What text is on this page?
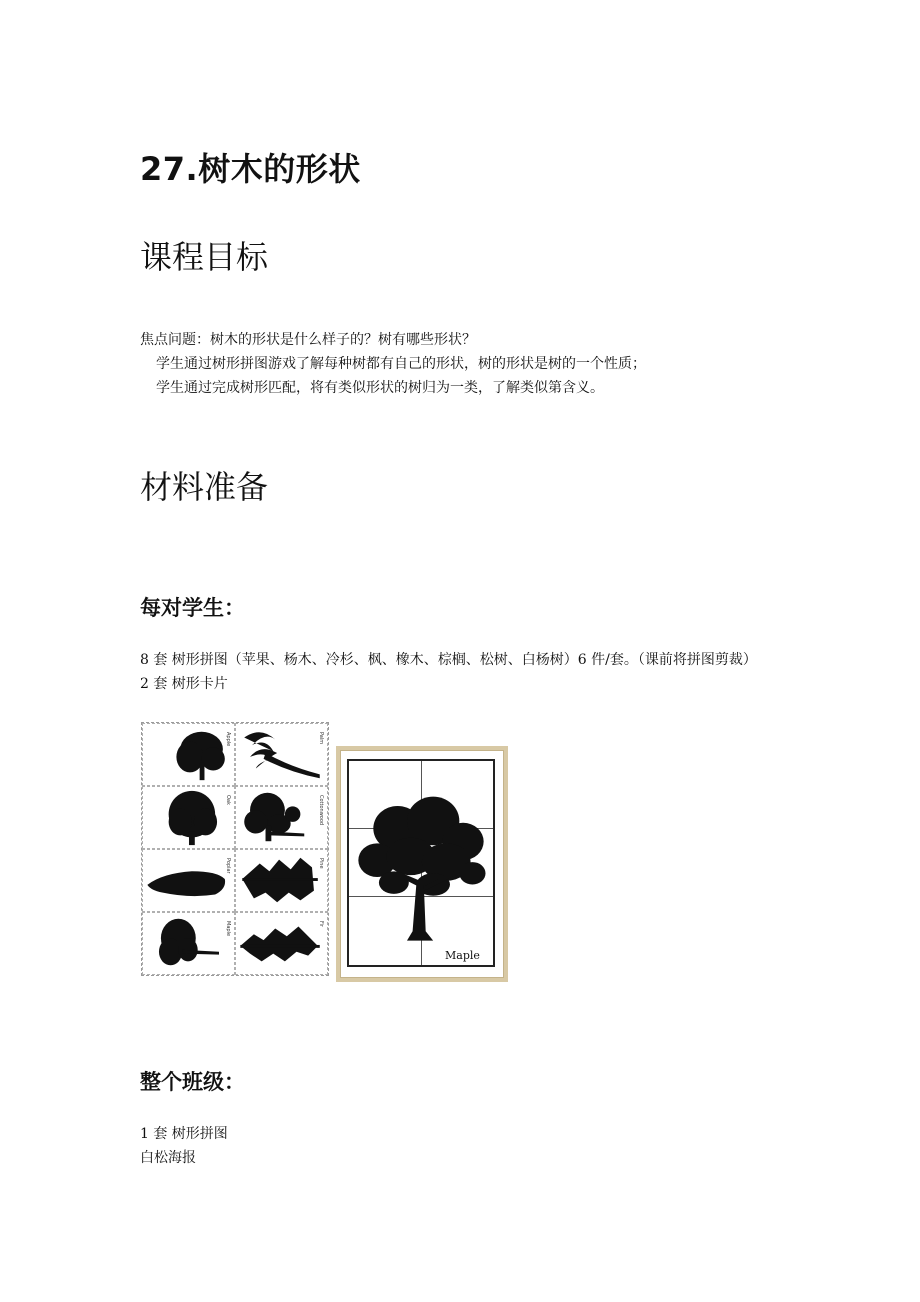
27.树木的形状
课程目标
焦点问题：树木的形状是什么样子的？树有哪些形状？
学生通过树形拼图游戏了解每种树都有自己的形状，树的形状是树的一个性质；
学生通过完成树形匹配，将有类似形状的树归为一类，了解类似第含义。
材料准备
每对学生：
8 套 树形拼图（苹果、杨木、冷杉、枫、橡木、棕榈、松树、白杨树）6 件/套。（课前将拼图剪裁）
2 套 树形卡片
Apple	Palm
Oak	Cottonwood
Poplar	Pine
Maple	Fir
Maple
整个班级：
1 套 树形拼图
白松海报
